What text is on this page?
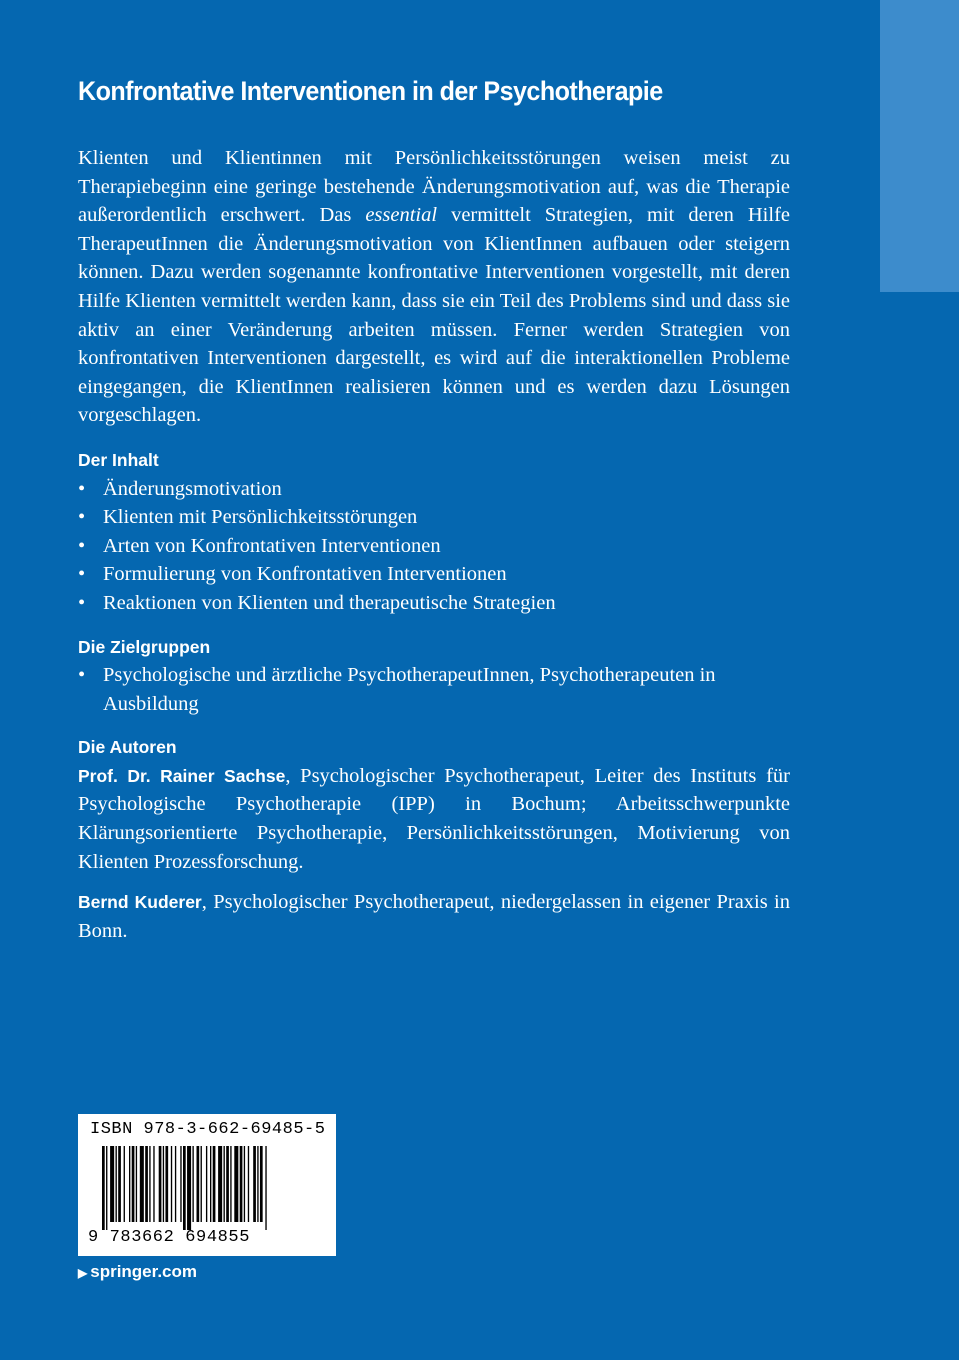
Konfrontative Interventionen in der Psychotherapie

Klienten und Klientinnen mit Persönlichkeitsstörungen weisen meist zu Therapiebeginn eine geringe bestehende Änderungsmotivation auf, was die Therapie außerordentlich erschwert. Das essential vermittelt Strategien, mit deren Hilfe TherapeutInnen die Änderungsmotivation von KlientInnen aufbauen oder steigern können. Dazu werden sogenannte konfrontative Interventionen vorgestellt, mit deren Hilfe Klienten vermittelt werden kann, dass sie ein Teil des Problems sind und dass sie aktiv an einer Veränderung arbeiten müssen. Ferner werden Strategien von konfrontativen Interventionen dargestellt, es wird auf die interaktionellen Probleme eingegangen, die KlientInnen realisieren können und es werden dazu Lösungen vorgeschlagen.

Der Inhalt

• Änderungsmotivation
• Klienten mit Persönlichkeitsstörungen
• Arten von Konfrontativen Interventionen
• Formulierung von Konfrontativen Interventionen
• Reaktionen von Klienten und therapeutische Strategien

Die Zielgruppen

• Psychologische und ärztliche PsychotherapeutInnen, Psychotherapeuten in Ausbildung

Die Autoren

Prof. Dr. Rainer Sachse, Psychologischer Psychotherapeut, Leiter des Instituts für Psychologische Psychotherapie (IPP) in Bochum; Arbeitsschwerpunkte Klärungsorientierte Psychotherapie, Persönlichkeitsstörungen, Motivierung von Klienten Prozessforschung.

Bernd Kuderer, Psychologischer Psychotherapeut, niedergelassen in eigener Praxis in Bonn.

ISBN 978-3-662-69485-5
9 783662 694855
▶ springer.com
